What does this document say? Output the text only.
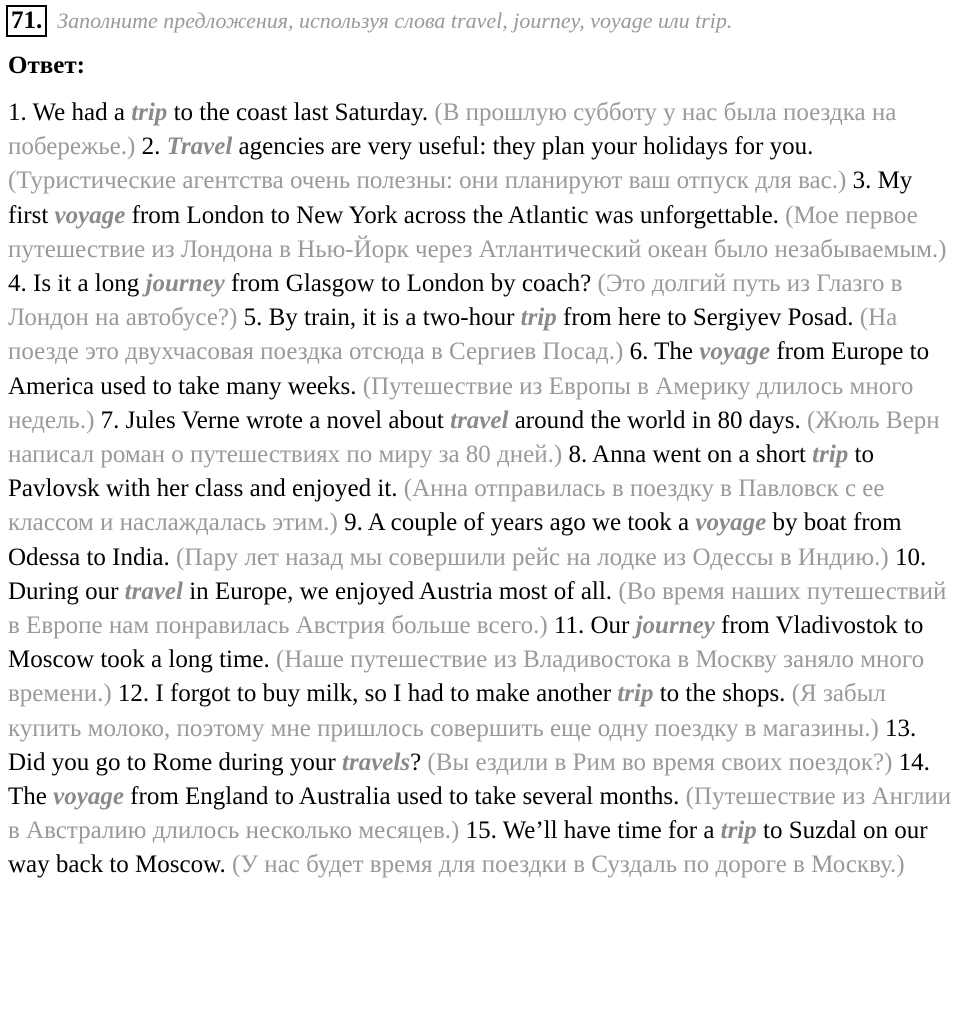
71. Заполните предложения, используя слова travel, journey, voyage или trip.
Ответ:
1. We had a trip to the coast last Saturday. (В прошлую субботу у нас была поездка на побережье.) 2. Travel agencies are very useful: they plan your holidays for you. (Туристические агентства очень полезны: они планируют ваш отпуск для вас.) 3. My first voyage from London to New York across the Atlantic was unforgettable. (Мое первое путешествие из Лондона в Нью-Йорк через Атлантический океан было незабываемым.) 4. Is it a long journey from Glasgow to London by coach? (Это долгий путь из Глазго в Лондон на автобусе?) 5. By train, it is a two-hour trip from here to Sergiyev Posad. (На поезде это двухчасовая поездка отсюда в Сергиев Посад.) 6. The voyage from Europe to America used to take many weeks. (Путешествие из Европы в Америку длилось много недель.) 7. Jules Verne wrote a novel about travel around the world in 80 days. (Жюль Верн написал роман о путешествиях по миру за 80 дней.) 8. Anna went on a short trip to Pavlovsk with her class and enjoyed it. (Анна отправилась в поездку в Павловск с ее классом и наслаждалась этим.) 9. A couple of years ago we took a voyage by boat from Odessa to India. (Пару лет назад мы совершили рейс на лодке из Одессы в Индию.) 10. During our travel in Europe, we enjoyed Austria most of all. (Во время наших путешествий в Европе нам понравилась Австрия больше всего.) 11. Our journey from Vladivostok to Moscow took a long time. (Наше путешествие из Владивостока в Москву заняло много времени.) 12. I forgot to buy milk, so I had to make another trip to the shops. (Я забыл купить молоко, поэтому мне пришлось совершить еще одну поездку в магазины.) 13. Did you go to Rome during your travels? (Вы ездили в Рим во время своих поездок?) 14. The voyage from England to Australia used to take several months. (Путешествие из Англии в Австралию длилось несколько месяцев.) 15. We’ll have time for a trip to Suzdal on our way back to Moscow. (У нас будет время для поездки в Суздаль по дороге в Москву.)
